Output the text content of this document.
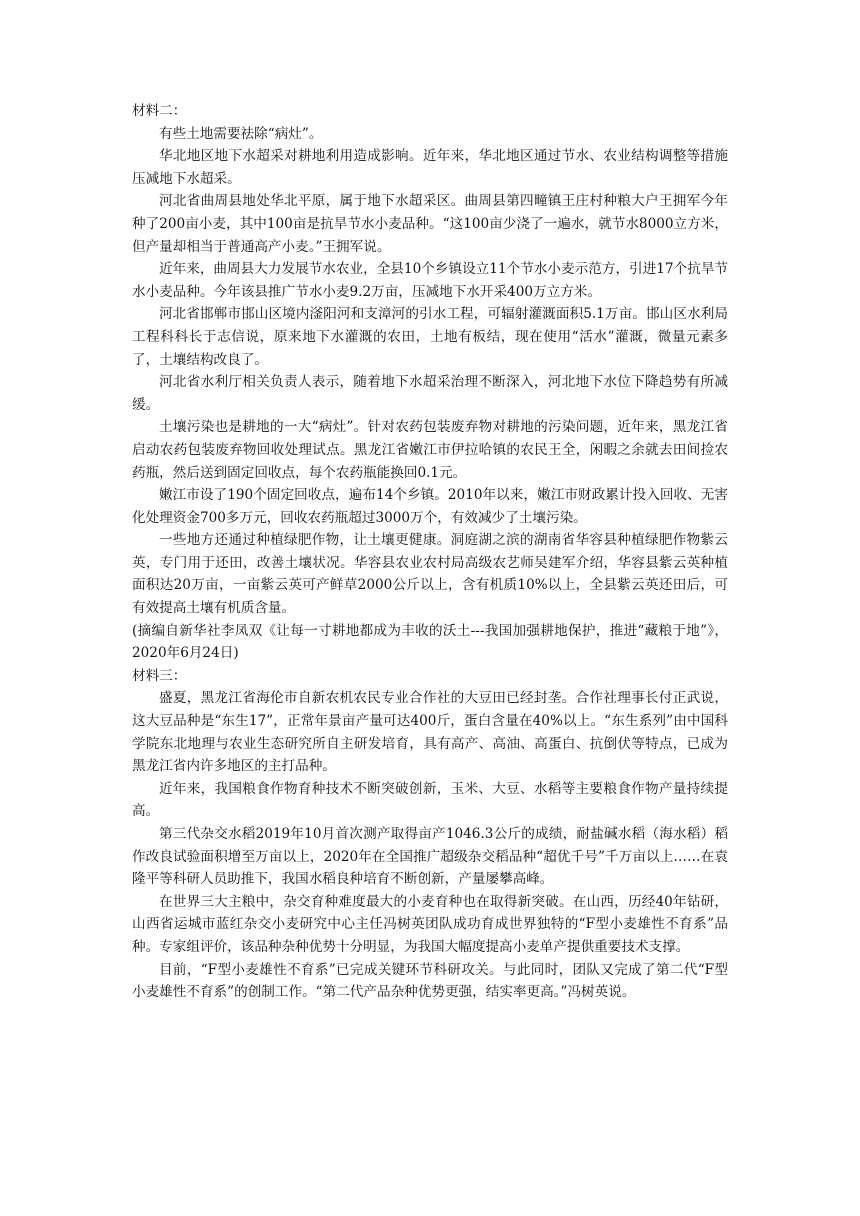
材料二：

有些土地需要祛除“病灶”。

华北地区地下水超采对耕地利用造成影响。近年来，华北地区通过节水、农业结构调整等措施压减地下水超采。

河北省曲周县地处华北平原，属于地下水超采区。曲周县第四疃镇王庄村种粮大户王拥军今年种了200亩小麦，其中100亩是抗旱节水小麦品种。“这100亩少浇了一遍水，就节水8000立方米，但产量却相当于普通高产小麦。”王拥军说。

近年来，曲周县大力发展节水农业，全县10个乡镇设立11个节水小麦示范方，引进17个抗旱节水小麦品种。今年该县推广节水小麦9.2万亩，压减地下水开采400万立方米。

河北省邯郸市邯山区境内滏阳河和支漳河的引水工程，可辐射灌溉面积5.1万亩。邯山区水利局工程科科长于志信说，原来地下水灌溉的农田，土地有板结，现在使用“活水”灌溉，微量元素多了，土壤结构改良了。

河北省水利厅相关负责人表示，随着地下水超采治理不断深入，河北地下水位下降趋势有所减缓。

土壤污染也是耕地的一大“病灶”。针对农药包装废弃物对耕地的污染问题，近年来，黑龙江省启动农药包装废弃物回收处理试点。黑龙江省嫩江市伊拉哈镇的农民王全，闲暇之余就去田间捡农药瓶，然后送到固定回收点，每个农药瓶能换回0.1元。

嫩江市设了190个固定回收点，遍布14个乡镇。2010年以来，嫩江市财政累计投入回收、无害化处理资金700多万元，回收农药瓶超过3000万个，有效减少了土壤污染。

一些地方还通过种植绿肥作物，让土壤更健康。洞庭湖之滨的湖南省华容县种植绿肥作物紫云英，专门用于还田，改善土壤状况。华容县农业农村局高级农艺师吴建军介绍，华容县紫云英种植面积达20万亩，一亩紫云英可产鲜草2000公斤以上，含有机质10%以上，全县紫云英还田后，可有效提高土壤有机质含量。

(摘编自新华社李凤双《让每一寸耕地都成为丰收的沃土---我国加强耕地保护，推进“藏粮于地”》，2020年6月24日)

材料三：

盛夏，黑龙江省海伦市自新农机农民专业合作社的大豆田已经封垄。合作社理事长付正武说，这大豆品种是“东生17”，正常年景亩产量可达400斤，蛋白含量在40%以上。“东生系列”由中国科学院东北地理与农业生态研究所自主研发培育，具有高产、高油、高蛋白、抗倒伏等特点，已成为黑龙江省内许多地区的主打品种。

近年来，我国粮食作物育种技术不断突破创新，玉米、大豆、水稻等主要粮食作物产量持续提高。

第三代杂交水稻2019年10月首次测产取得亩产1046.3公斤的成绩，耐盐碱水稻（海水稻）稻作改良试验面积增至万亩以上，2020年在全国推广超级杂交稻品种“超优千号”千万亩以上……在袁隆平等科研人员助推下，我国水稻良种培育不断创新，产量屡攀高峰。

在世界三大主粮中，杂交育种难度最大的小麦育种也在取得新突破。在山西，历经40年钻研，山西省运城市蓝红杂交小麦研究中心主任冯树英团队成功育成世界独特的“F型小麦雄性不育系”品种。专家组评价，该品种杂种优势十分明显，为我国大幅度提高小麦单产提供重要技术支撑。

目前，“F型小麦雄性不育系”已完成关键环节科研攻关。与此同时，团队又完成了第二代“F型小麦雄性不育系”的创制工作。“第二代产品杂种优势更强，结实率更高。”冯树英说。
